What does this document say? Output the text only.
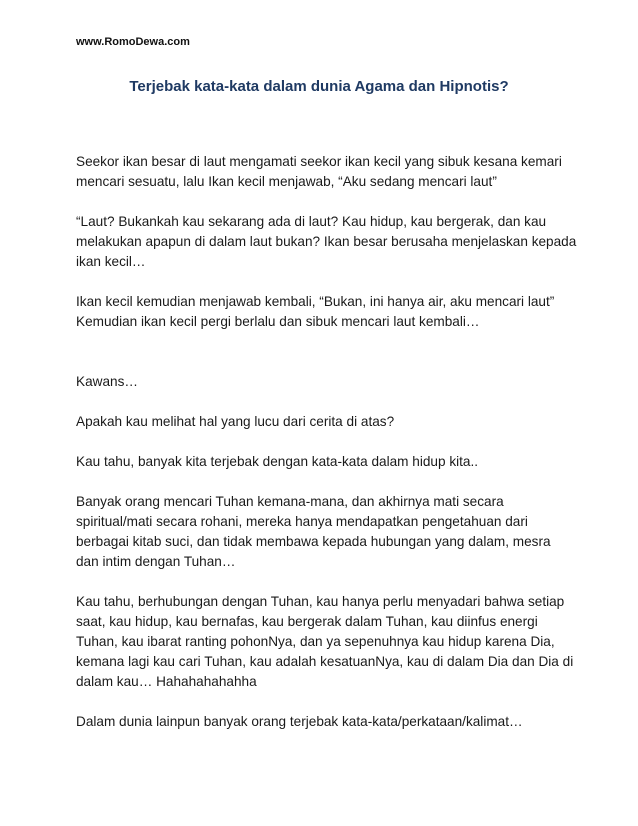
www.RomoDewa.com
Terjebak kata-kata dalam dunia Agama dan Hipnotis?

Seekor ikan besar di laut mengamati seekor ikan kecil yang sibuk kesana kemari
mencari sesuatu, lalu Ikan kecil menjawab, “Aku sedang mencari laut”

“Laut? Bukankah kau sekarang ada di laut? Kau hidup, kau bergerak, dan kau
melakukan apapun di dalam laut bukan? Ikan besar berusaha menjelaskan kepada
ikan kecil…

Ikan kecil kemudian menjawab kembali, “Bukan, ini hanya air, aku mencari laut”
Kemudian ikan kecil pergi berlalu dan sibuk mencari laut kembali…

Kawans…

Apakah kau melihat hal yang lucu dari cerita di atas?

Kau tahu, banyak kita terjebak dengan kata-kata dalam hidup kita..

Banyak orang mencari Tuhan kemana-mana, dan akhirnya mati secara
spiritual/mati secara rohani, mereka hanya mendapatkan pengetahuan dari
berbagai kitab suci, dan tidak membawa kepada hubungan yang dalam, mesra
dan intim dengan Tuhan…

Kau tahu, berhubungan dengan Tuhan, kau hanya perlu menyadari bahwa setiap
saat, kau hidup, kau bernafas, kau bergerak dalam Tuhan, kau diinfus energi
Tuhan, kau ibarat ranting pohonNya, dan ya sepenuhnya kau hidup karena Dia,
kemana lagi kau cari Tuhan, kau adalah kesatuanNya, kau di dalam Dia dan Dia di
dalam kau… Hahahahahahha

Dalam dunia lainpun banyak orang terjebak kata-kata/perkataan/kalimat…
